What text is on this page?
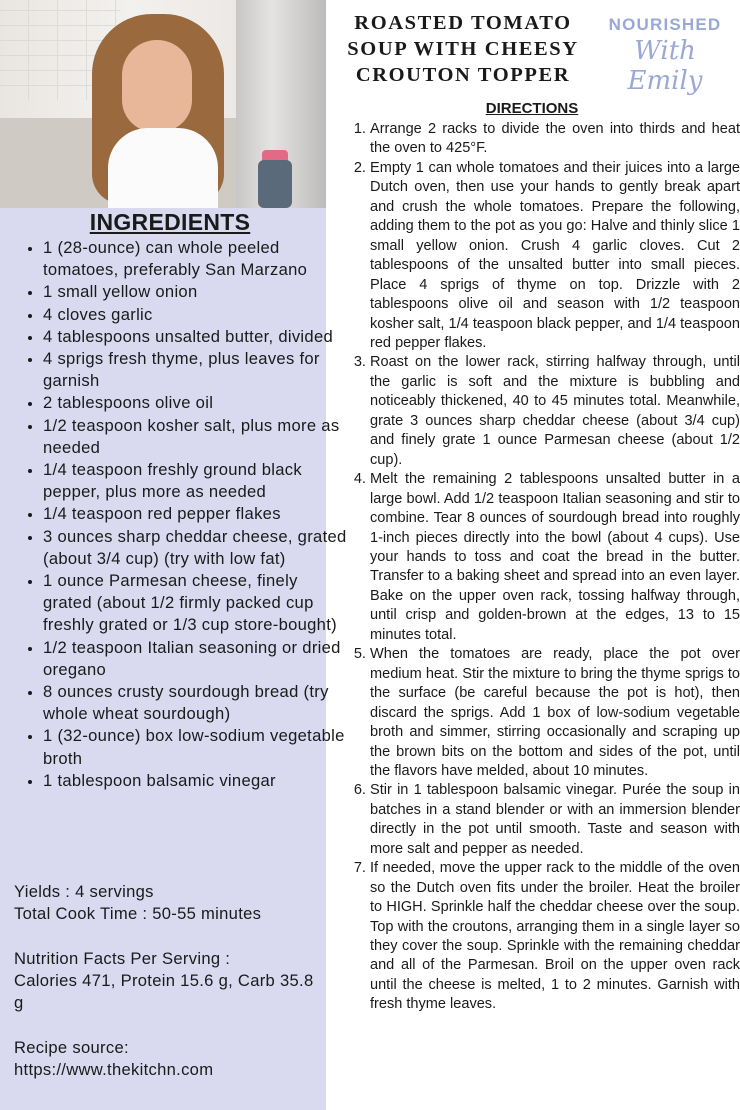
INGREDIENTS
• 1 (28-ounce) can whole peeled tomatoes, preferably San Marzano
• 1 small yellow onion
• 4 cloves garlic
• 4 tablespoons unsalted butter, divided
• 4 sprigs fresh thyme, plus leaves for garnish
• 2 tablespoons olive oil
• 1/2 teaspoon kosher salt, plus more as needed
• 1/4 teaspoon freshly ground black pepper, plus more as needed
• 1/4 teaspoon red pepper flakes
• 3 ounces sharp cheddar cheese, grated (about 3/4 cup) (try with low fat)
• 1 ounce Parmesan cheese, finely grated (about 1/2 firmly packed cup freshly grated or 1/3 cup store-bought)
• 1/2 teaspoon Italian seasoning or dried oregano
• 8 ounces crusty sourdough bread (try whole wheat sourdough)
• 1 (32-ounce) box low-sodium vegetable broth
• 1 tablespoon balsamic vinegar
Yields : 4 servings
Total Cook Time : 50-55 minutes
Nutrition Facts Per Serving :
Calories 471, Protein 15.6 g, Carb 35.8 g
Recipe source:
https://www.thekitchn.com
ROASTED TOMATO SOUP WITH CHEESY CROUTON TOPPER
NOURISHED
With Emily
DIRECTIONS
1. Arrange 2 racks to divide the oven into thirds and heat the oven to 425°F.
2. Empty 1 can whole tomatoes and their juices into a large Dutch oven, then use your hands to gently break apart and crush the whole tomatoes. Prepare the following, adding them to the pot as you go: Halve and thinly slice 1 small yellow onion. Crush 4 garlic cloves. Cut 2 tablespoons of the unsalted butter into small pieces. Place 4 sprigs of thyme on top. Drizzle with 2 tablespoons olive oil and season with 1/2 teaspoon kosher salt, 1/4 teaspoon black pepper, and 1/4 teaspoon red pepper flakes.
3. Roast on the lower rack, stirring halfway through, until the garlic is soft and the mixture is bubbling and noticeably thickened, 40 to 45 minutes total. Meanwhile, grate 3 ounces sharp cheddar cheese (about 3/4 cup) and finely grate 1 ounce Parmesan cheese (about 1/2 cup).
4. Melt the remaining 2 tablespoons unsalted butter in a large bowl. Add 1/2 teaspoon Italian seasoning and stir to combine. Tear 8 ounces of sourdough bread into roughly 1-inch pieces directly into the bowl (about 4 cups). Use your hands to toss and coat the bread in the butter. Transfer to a baking sheet and spread into an even layer. Bake on the upper oven rack, tossing halfway through, until crisp and golden-brown at the edges, 13 to 15 minutes total.
5. When the tomatoes are ready, place the pot over medium heat. Stir the mixture to bring the thyme sprigs to the surface (be careful because the pot is hot), then discard the sprigs. Add 1 box of low-sodium vegetable broth and simmer, stirring occasionally and scraping up the brown bits on the bottom and sides of the pot, until the flavors have melded, about 10 minutes.
6. Stir in 1 tablespoon balsamic vinegar. Purée the soup in batches in a stand blender or with an immersion blender directly in the pot until smooth. Taste and season with more salt and pepper as needed.
7. If needed, move the upper rack to the middle of the oven so the Dutch oven fits under the broiler. Heat the broiler to HIGH. Sprinkle half the cheddar cheese over the soup. Top with the croutons, arranging them in a single layer so they cover the soup. Sprinkle with the remaining cheddar and all of the Parmesan. Broil on the upper oven rack until the cheese is melted, 1 to 2 minutes. Garnish with fresh thyme leaves.
